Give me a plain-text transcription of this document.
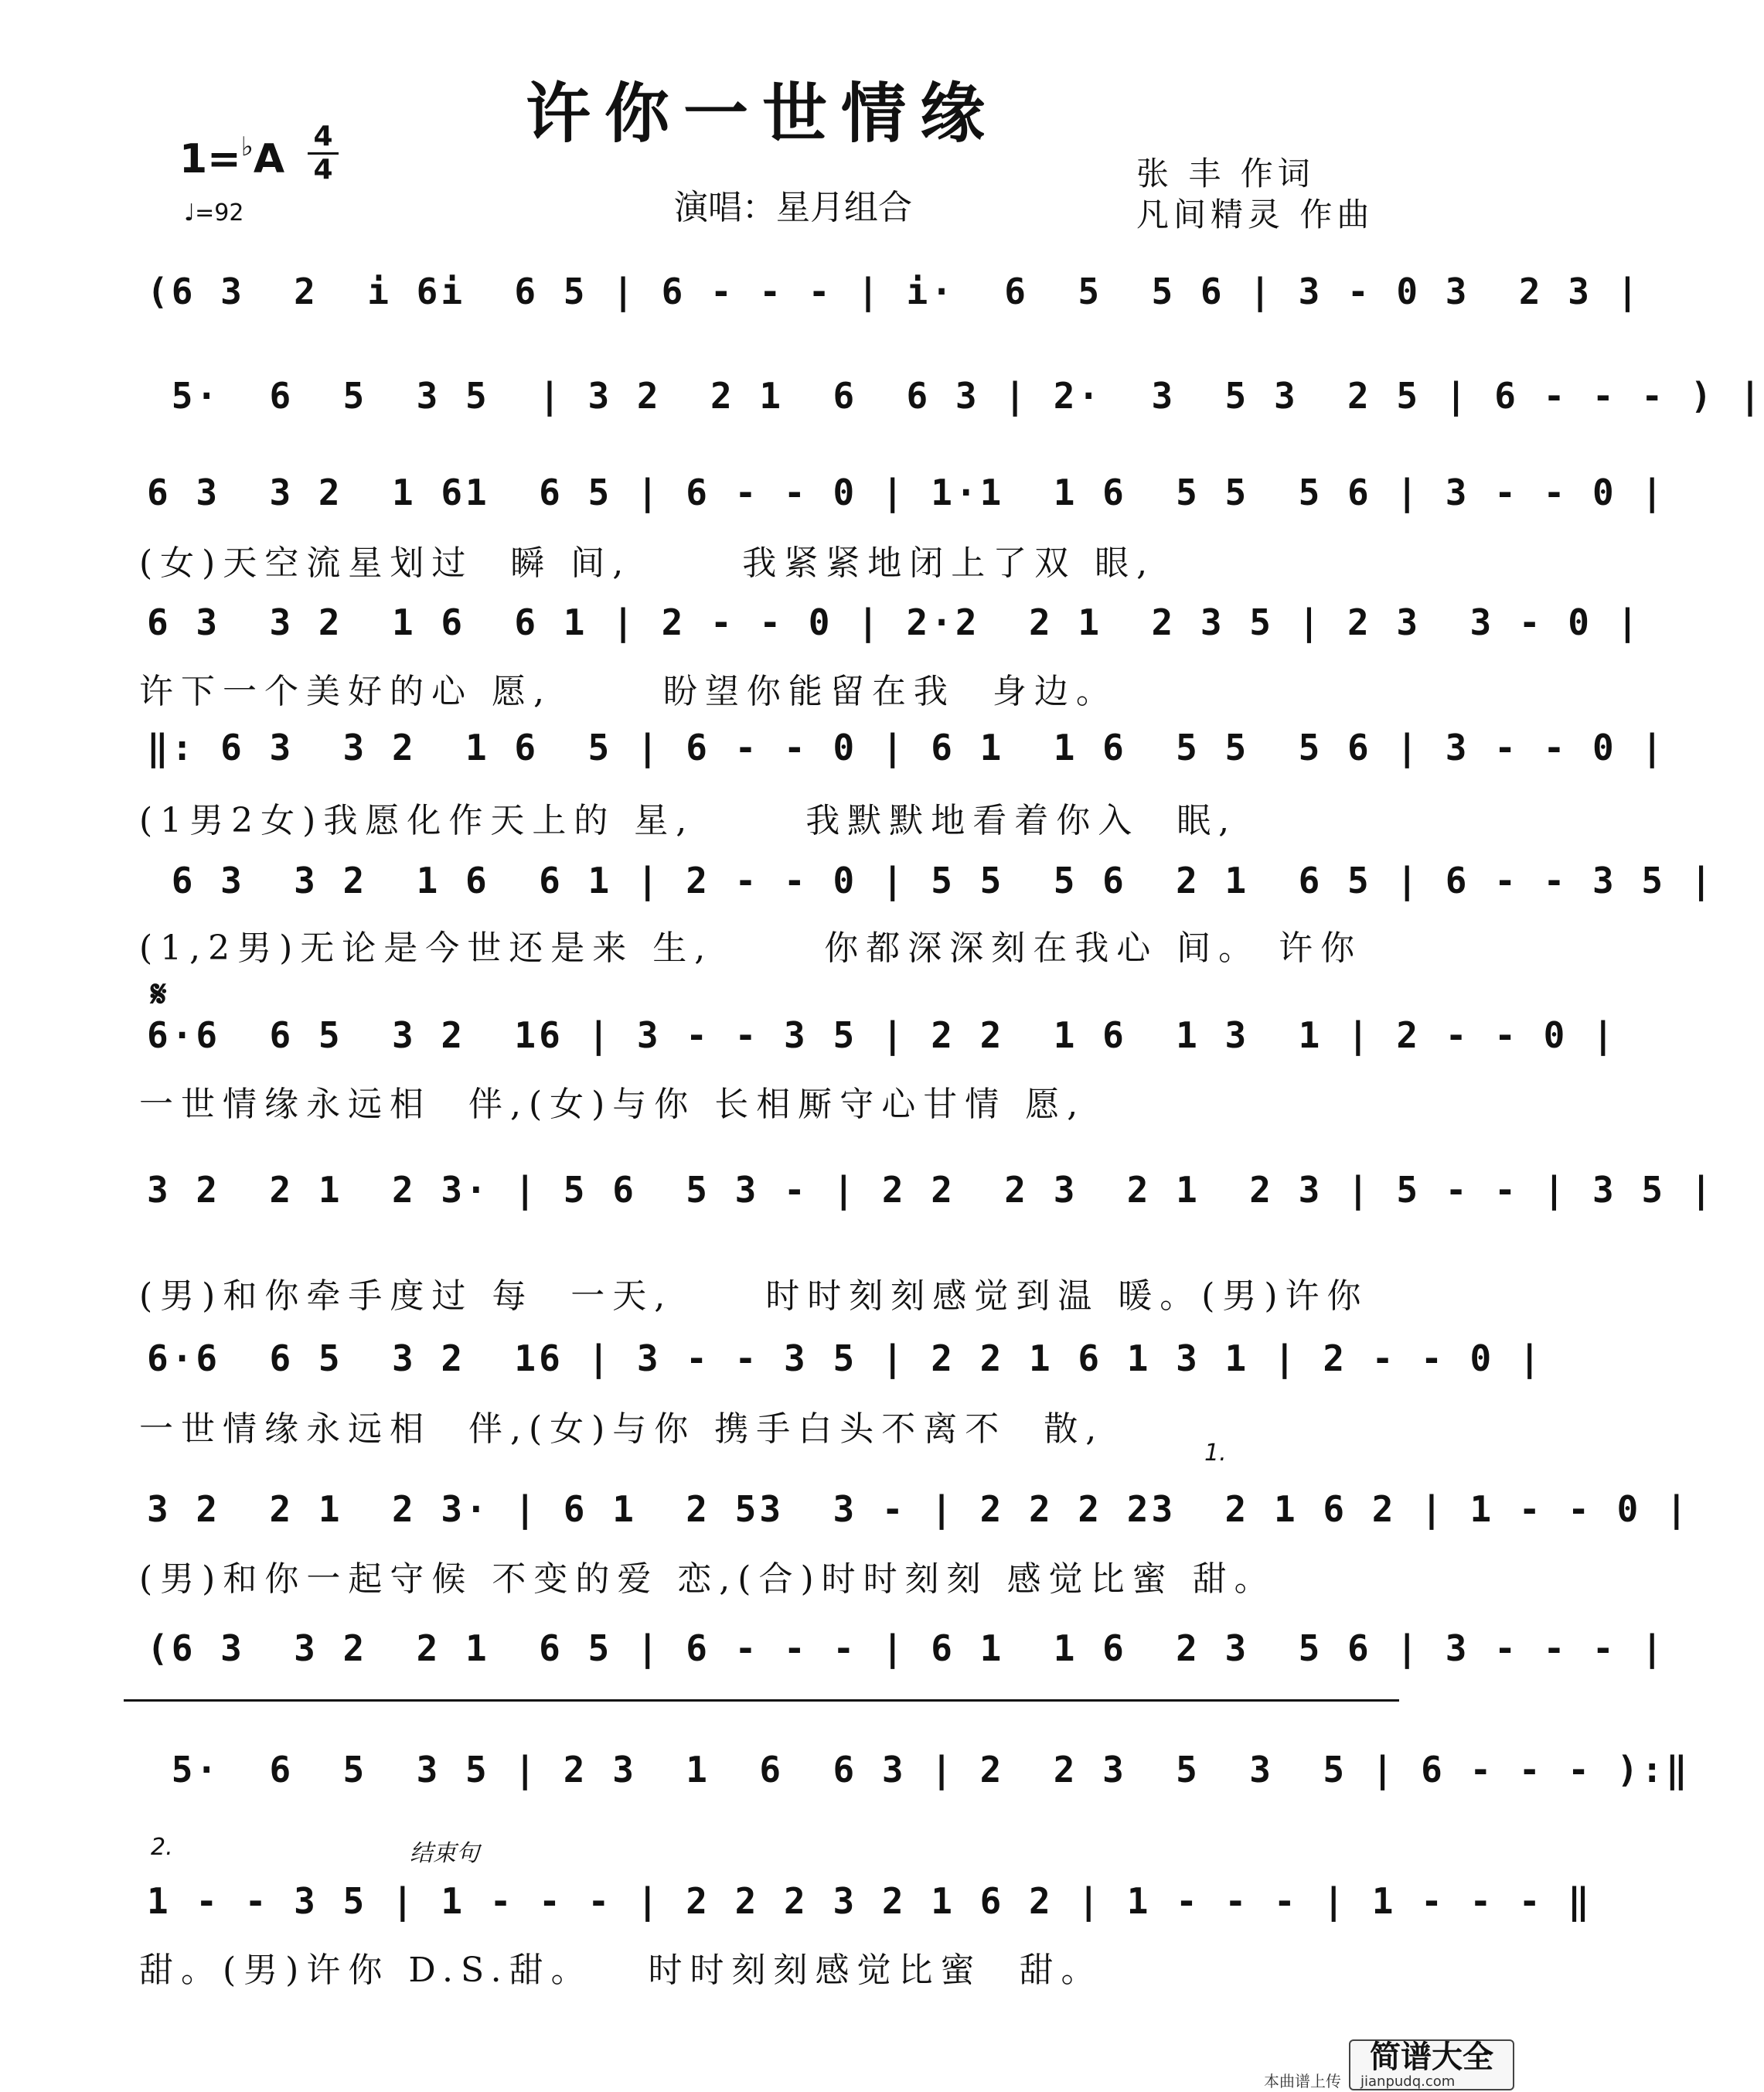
许你一世情缘
1=♭A 4
4
♩=92	演唱：星月组合
张 丰 作词
凡间精灵 作曲
(6 3  2  i 6i  6 5 | 6 - - - | i·  6  5  5 6 | 3 - 0 3  2 3 |
5·  6  5  3 5  | 3 2  2 1  6  6 3 | 2·  3  5 3  2 5 | 6 - - - ) |
6 3  3 2  1 61  6 5 | 6 - - 0 | 1·1  1 6  5 5  5 6 | 3 - - 0 |
(女)天空流星划过  瞬 间,      我紧紧地闭上了双 眼,
6 3  3 2  1 6  6 1 | 2 - - 0 | 2·2  2 1  2 3 5 | 2 3  3 - 0 |
许下一个美好的心 愿,      盼望你能留在我  身边。
‖: 6 3  3 2  1 6  5 | 6 - - 0 | 6 1  1 6  5 5  5 6 | 3 - - 0 |
(1男2女)我愿化作天上的 星,      我默默地看着你入  眠,
6 3  3 2  1 6  6 1 | 2 - - 0 | 5 5  5 6  2 1  6 5 | 6 - - 3 5 |
(1,2男)无论是今世还是来 生,      你都深深刻在我心 间。 许你
𝄋
6·6  6 5  3 2  16 | 3 - - 3 5 | 2 2  1 6  1 3  1 | 2 - - 0 |
一世情缘永远相  伴,(女)与你 长相厮守心甘情 愿,
3 2  2 1  2 3· | 5 6  5 3 - | 2 2  2 3  2 1  2 3 | 5 - - | 3 5 |
(男)和你牵手度过 每  一天,     时时刻刻感觉到温 暖。(男)许你
6·6  6 5  3 2  16 | 3 - - 3 5 | 2 2 1 6 1 3 1 | 2 - - 0 |
一世情缘永远相  伴,(女)与你 携手白头不离不  散,
1.
3 2  2 1  2 3· | 6 1  2 53  3 - | 2 2 2 23  2 1 6 2 | 1 - - 0 |
(男)和你一起守候 不变的爱 恋,(合)时时刻刻 感觉比蜜 甜。
(6 3  3 2  2 1  6 5 | 6 - - - | 6 1  1 6  2 3  5 6 | 3 - - - |
5·  6  5  3 5 | 2 3  1  6  6 3 | 2  2 3  5  3  5 | 6 - - - ):‖
2.	结束句
1 - - 3 5 | 1 - - - | 2 2 2 3 2 1 6 2 | 1 - - - | 1 - - - ‖
甜。(男)许你 D.S.甜。   时时刻刻感觉比蜜  甜。
本曲谱上传
简谱大全
jianpudq.com
